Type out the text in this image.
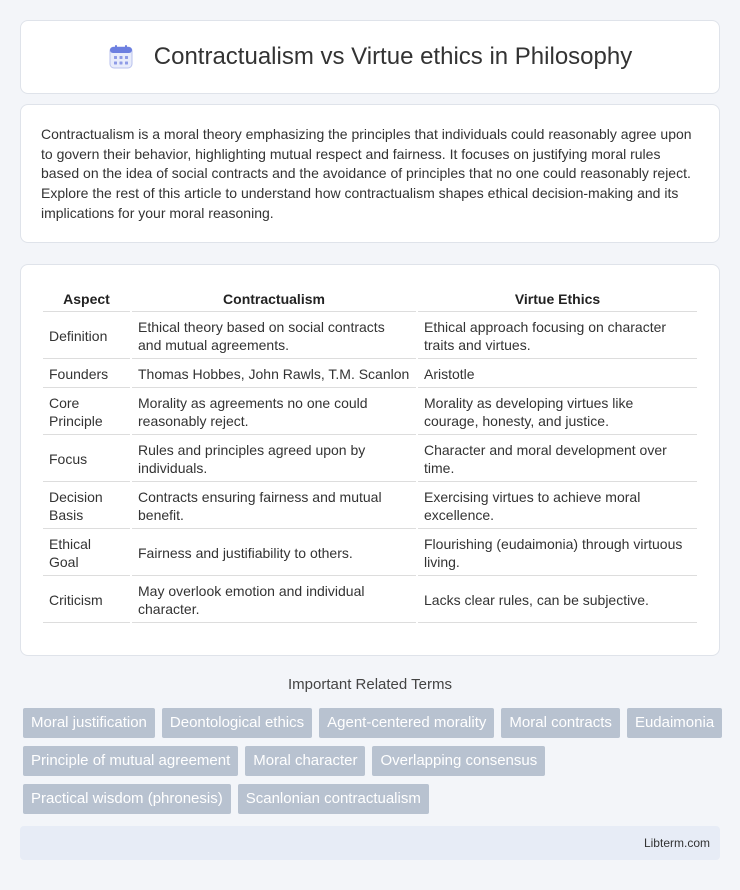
Contractualism vs Virtue ethics in Philosophy

Contractualism is a moral theory emphasizing the principles that individuals could reasonably agree upon to govern their behavior, highlighting mutual respect and fairness. It focuses on justifying moral rules based on the idea of social contracts and the avoidance of principles that no one could reasonably reject. Explore the rest of this article to understand how contractualism shapes ethical decision-making and its implications for your moral reasoning.

Aspect	Contractualism	Virtue Ethics
Definition	Ethical theory based on social contracts and mutual agreements.	Ethical approach focusing on character traits and virtues.
Founders	Thomas Hobbes, John Rawls, T.M. Scanlon	Aristotle
Core Principle	Morality as agreements no one could reasonably reject.	Morality as developing virtues like courage, honesty, and justice.
Focus	Rules and principles agreed upon by individuals.	Character and moral development over time.
Decision Basis	Contracts ensuring fairness and mutual benefit.	Exercising virtues to achieve moral excellence.
Ethical Goal	Fairness and justifiability to others.	Flourishing (eudaimonia) through virtuous living.
Criticism	May overlook emotion and individual character.	Lacks clear rules, can be subjective.
Important Related Terms
Moral justification	Deontological ethics	Agent-centered morality	Moral contracts	Eudaimonia
Principle of mutual agreement	Moral character	Overlapping consensus
Practical wisdom (phronesis)	Scanlonian contractualism
Libterm.com
